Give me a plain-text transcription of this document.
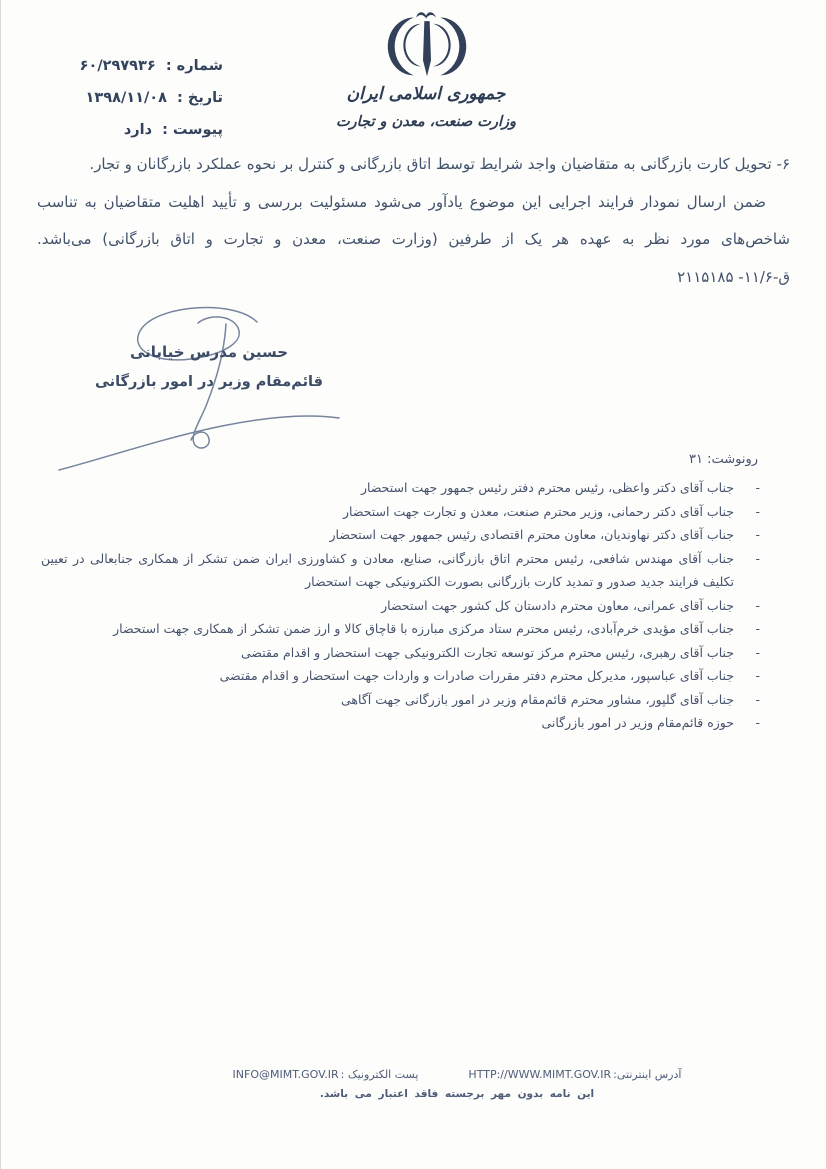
جمهوری اسلامی ایران
وزارت صنعت، معدن و تجارت
شماره : ۶۰/۲۹۷۹۳۶
تاریخ : ۱۳۹۸/۱۱/۰۸
پیوست : دارد

۶- تحویل کارت بازرگانی به متقاضیان واجد شرایط توسط اتاق بازرگانی و کنترل بر نحوه عملکرد بازرگانان و تجار.

ضمن ارسال نمودار فرایند اجرایی این موضوع یادآور می‌شود مسئولیت بررسی و تأیید اهلیت متقاضیان به تناسب شاخص‌های مورد نظر به عهده هر یک از طرفین (وزارت صنعت، معدن و تجارت و اتاق بازرگانی) می‌باشد. ق-۱۱/۶- ۲۱۱۵۱۸۵

حسین مدرس خیابانی
قائم‌مقام وزیر در امور بازرگانی
رونوشت: ۳۱
-
جناب آقای دکتر واعظی، رئیس محترم دفتر رئیس جمهور جهت استحضار
-
جناب آقای دکتر رحمانی، وزیر محترم صنعت، معدن و تجارت جهت استحضار
-
جناب آقای دکتر نهاوندیان، معاون محترم اقتصادی رئیس جمهور جهت استحضار
-
جناب آقای مهندس شافعی، رئیس محترم اتاق بازرگانی، صنایع، معادن و کشاورزی ایران ضمن تشکر از همکاری جنابعالی در تعیین تکلیف فرایند جدید صدور و تمدید کارت بازرگانی بصورت الکترونیکی جهت استحضار
-
جناب آقای عمرانی، معاون محترم دادستان کل کشور جهت استحضار
-
جناب آقای مؤیدی خرم‌آبادی، رئیس محترم ستاد مرکزی مبارزه با قاچاق کالا و ارز ضمن تشکر از همکاری جهت استحضار
-
جناب آقای رهبری، رئیس محترم مرکز توسعه تجارت الکترونیکی جهت استحضار و اقدام مقتضی
-
جناب آقای عباسپور، مدیرکل محترم دفتر مقررات صادرات و واردات جهت استحضار و اقدام مقتضی
-
جناب آقای گلپور، مشاور محترم قائم‌مقام وزیر در امور بازرگانی جهت آگاهی
-
حوزه قائم‌مقام وزیر در امور بازرگانی
آدرس اینترنتی:HTTP://WWW.MIMT.GOV.IR
پست الکترونیک :INFO@MIMT.GOV.IR
این نامه بدون مهر برجسته فاقد اعتبار می باشد.
